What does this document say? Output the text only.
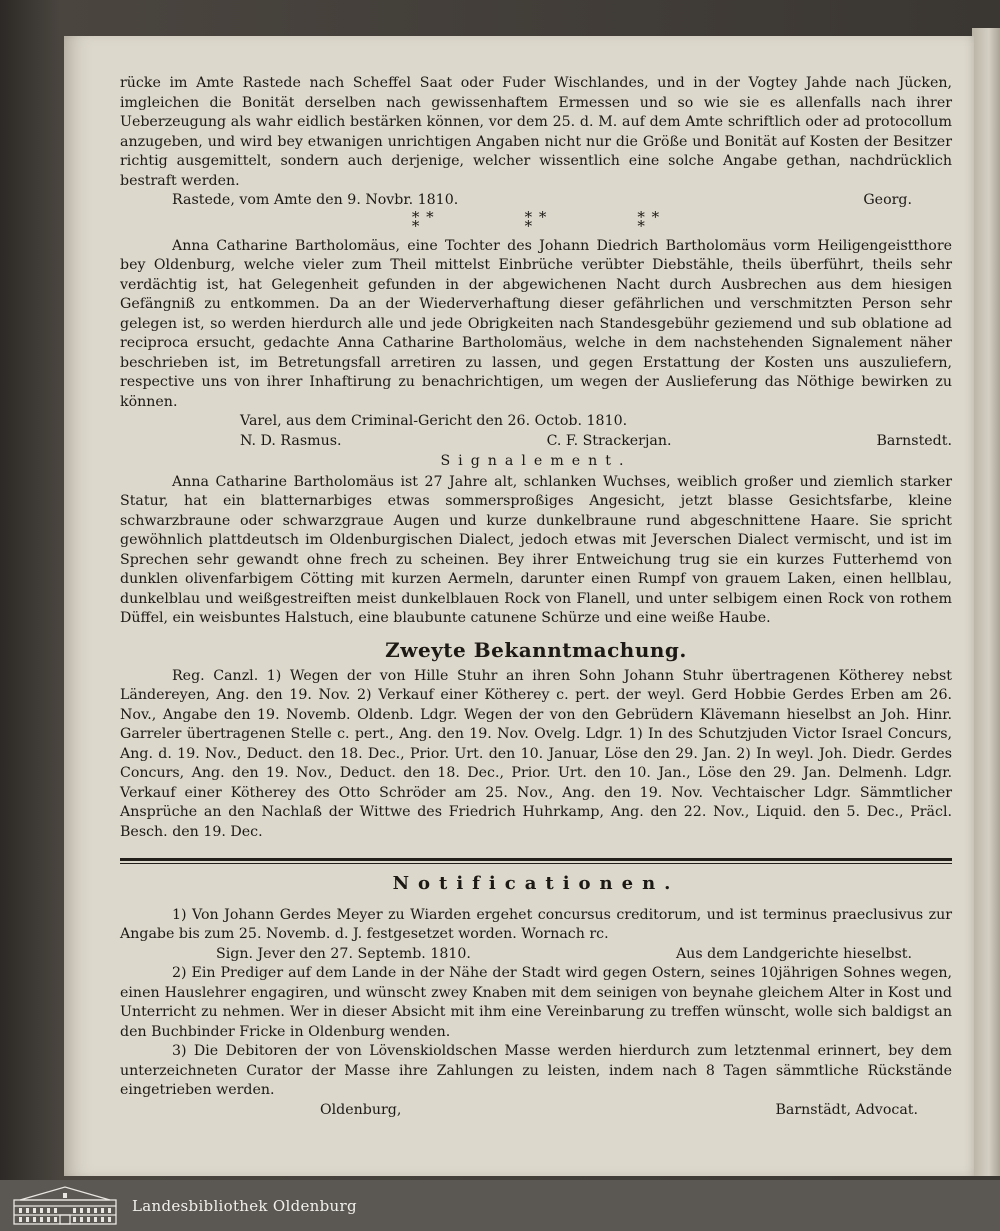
rücke im Amte Rastede nach Scheffel Saat oder Fuder Wischlandes, und in der Vogtey Jahde nach Jücken, imgleichen die Bonität derselben nach gewissenhaftem Ermessen und so wie sie es allenfalls nach ihrer Ueberzeugung als wahr eidlich bestärken können, vor dem 25. d. M. auf dem Amte schriftlich oder ad protocollum anzugeben, und wird bey etwanigen unrichtigen Angaben nicht nur die Größe und Bonität auf Kosten der Besitzer richtig ausgemittelt, sondern auch derjenige, welcher wissentlich eine solche Angabe gethan, nachdrücklich bestraft werden.

Rastede, vom Amte den 9. Novbr. 1810.	Georg.
* *
*	* *
*	* *
*

Anna Catharine Bartholomäus, eine Tochter des Johann Diedrich Bartholomäus vorm Heiligengeistthore bey Oldenburg, welche vieler zum Theil mittelst Einbrüche verübter Diebstähle, theils überführt, theils sehr verdächtig ist, hat Gelegenheit gefunden in der abgewichenen Nacht durch Ausbrechen aus dem hiesigen Gefängniß zu entkommen. Da an der Wiederverhaftung dieser gefährlichen und verschmitzten Person sehr gelegen ist, so werden hierdurch alle und jede Obrigkeiten nach Standesgebühr geziemend und sub oblatione ad reciproca ersucht, gedachte Anna Catharine Bartholomäus, welche in dem nachstehenden Signalement näher beschrieben ist, im Betretungsfall arretiren zu lassen, und gegen Erstattung der Kosten uns auszuliefern, respective uns von ihrer Inhaftirung zu benachrichtigen, um wegen der Auslieferung das Nöthige bewirken zu können.

Varel, aus dem Criminal-Gericht den 26. Octob. 1810.
N. D. Rasmus.	C. F. Strackerjan.	Barnstedt.
Signalement.

Anna Catharine Bartholomäus ist 27 Jahre alt, schlanken Wuchses, weiblich großer und ziemlich starker Statur, hat ein blatternarbiges etwas sommersproßiges Angesicht, jetzt blasse Gesichtsfarbe, kleine schwarzbraune oder schwarzgraue Augen und kurze dunkelbraune rund abgeschnittene Haare. Sie spricht gewöhnlich plattdeutsch im Oldenburgischen Dialect, jedoch etwas mit Jeverschen Dialect vermischt, und ist im Sprechen sehr gewandt ohne frech zu scheinen. Bey ihrer Entweichung trug sie ein kurzes Futterhemd von dunklen olivenfarbigem Cötting mit kurzen Aermeln, darunter einen Rumpf von grauem Laken, einen hellblau, dunkelblau und weißgestreiften meist dunkelblauen Rock von Flanell, und unter selbigem einen Rock von rothem Düffel, ein weisbuntes Halstuch, eine blaubunte catunene Schürze und eine weiße Haube.

Zweyte Bekanntmachung.

Reg. Canzl. 1) Wegen der von Hille Stuhr an ihren Sohn Johann Stuhr übertragenen Kötherey nebst Ländereyen, Ang. den 19. Nov. 2) Verkauf einer Kötherey c. pert. der weyl. Gerd Hobbie Gerdes Erben am 26. Nov., Angabe den 19. Novemb. Oldenb. Ldgr. Wegen der von den Gebrüdern Klävemann hieselbst an Joh. Hinr. Garreler übertragenen Stelle c. pert., Ang. den 19. Nov. Ovelg. Ldgr. 1) In des Schutzjuden Victor Israel Concurs, Ang. d. 19. Nov., Deduct. den 18. Dec., Prior. Urt. den 10. Januar, Löse den 29. Jan. 2) In weyl. Joh. Diedr. Gerdes Concurs, Ang. den 19. Nov., Deduct. den 18. Dec., Prior. Urt. den 10. Jan., Löse den 29. Jan. Delmenh. Ldgr. Verkauf einer Kötherey des Otto Schröder am 25. Nov., Ang. den 19. Nov. Vechtaischer Ldgr. Sämmtlicher Ansprüche an den Nachlaß der Wittwe des Friedrich Huhrkamp, Ang. den 22. Nov., Liquid. den 5. Dec., Präcl. Besch. den 19. Dec.

Notificationen.

1) Von Johann Gerdes Meyer zu Wiarden ergehet concursus creditorum, und ist terminus praeclusivus zur Angabe bis zum 25. Novemb. d. J. festgesetzet worden. Wornach rc.

Sign. Jever den 27. Septemb. 1810.	Aus dem Landgerichte hieselbst.

2) Ein Prediger auf dem Lande in der Nähe der Stadt wird gegen Ostern, seines 10jährigen Sohnes wegen, einen Hauslehrer engagiren, und wünscht zwey Knaben mit dem seinigen von beynahe gleichem Alter in Kost und Unterricht zu nehmen. Wer in dieser Absicht mit ihm eine Vereinbarung zu treffen wünscht, wolle sich baldigst an den Buchbinder Fricke in Oldenburg wenden.

3) Die Debitoren der von Lövenskioldschen Masse werden hierdurch zum letztenmal erinnert, bey dem unterzeichneten Curator der Masse ihre Zahlungen zu leisten, indem nach 8 Tagen sämmtliche Rückstände eingetrieben werden.

Oldenburg,	Barnstädt, Advocat.
Landesbibliothek Oldenburg
